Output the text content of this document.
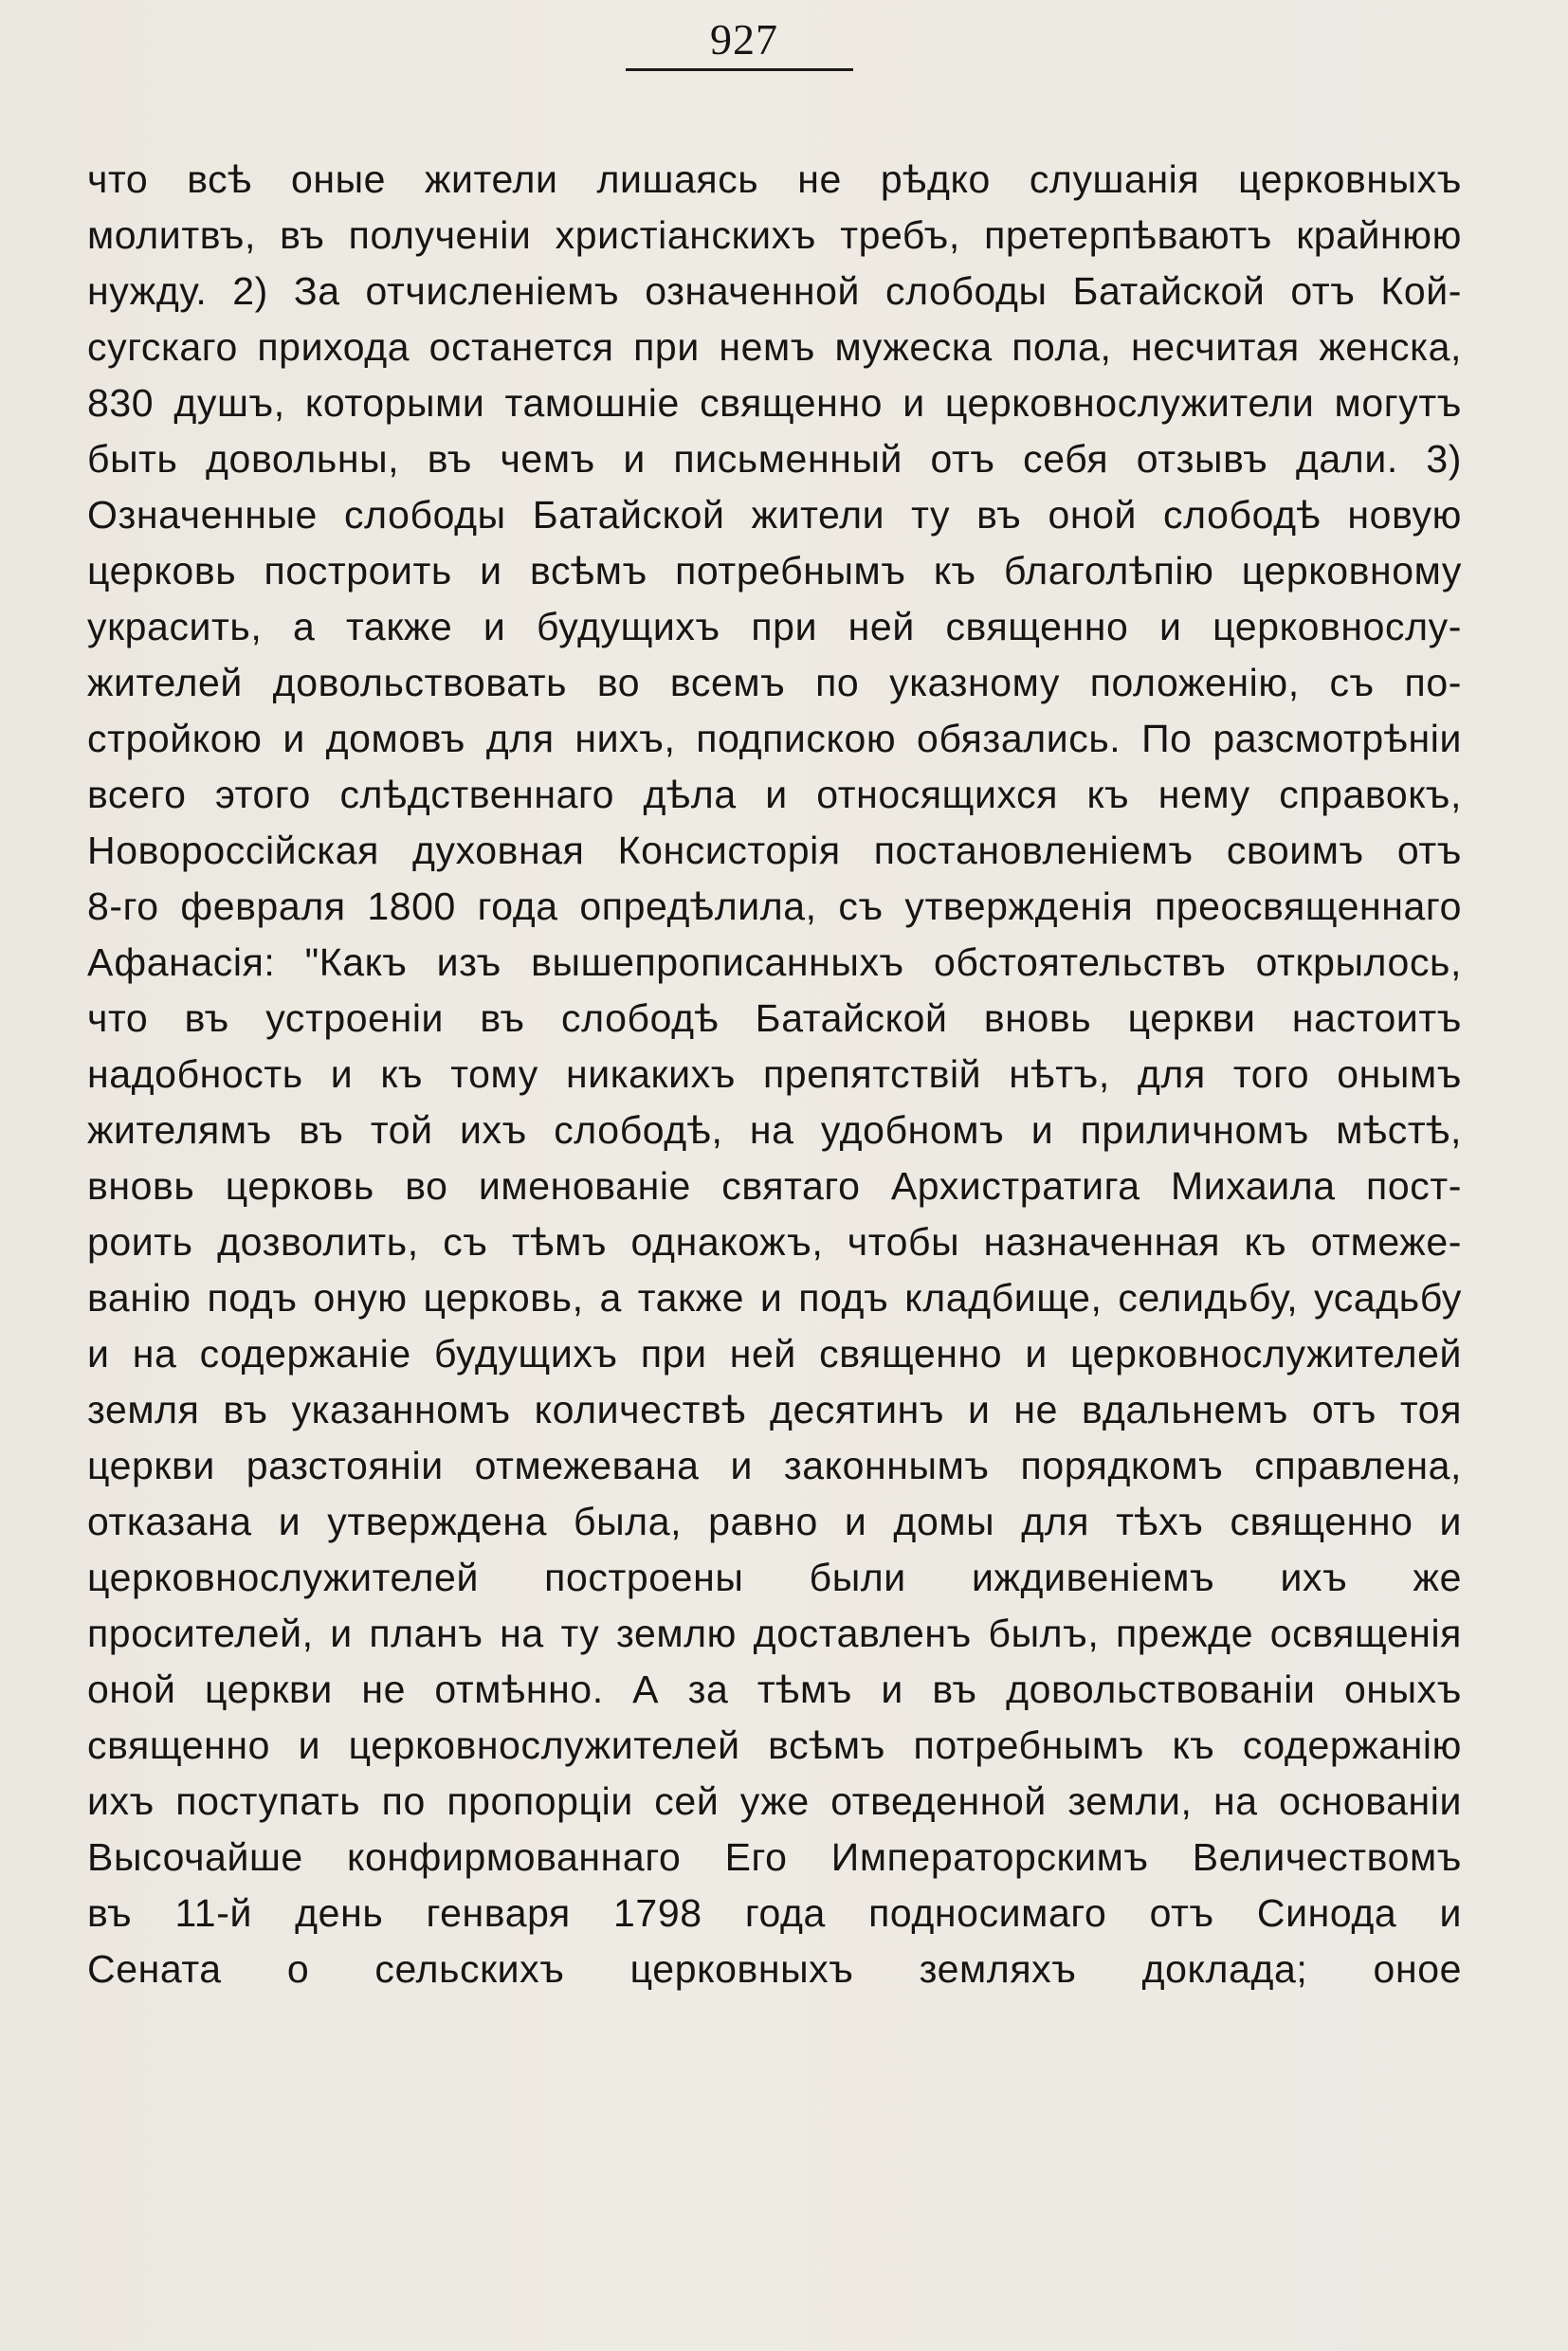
927
что всѣ оные жители лишаясь не рѣдко слушанія церковныхъ
молитвъ, въ полученіи христіанскихъ требъ, претерпѣваютъ крайнюю
нужду. 2) За отчисленіемъ означенной слободы Батайской отъ Кой-
сугскаго прихода останется при немъ мужеска пола, несчитая женска,
830 душъ, которыми тамошніе священно и церковнослужители могутъ
быть довольны, въ чемъ и письменный отъ себя отзывъ дали. 3)
Означенные слободы Батайской жители ту въ оной слободѣ новую
церковь построить и всѣмъ потребнымъ къ благолѣпію церковному
украсить, а также и будущихъ при ней священно и церковнослу-
жителей довольствовать во всемъ по указному положенію, съ по-
стройкою и домовъ для нихъ, подпискою обязались. По разсмотрѣніи
всего этого слѣдственнаго дѣла и относящихся къ нему справокъ,
Новороссійская духовная Консисторія постановленіемъ своимъ отъ
8-го февраля 1800 года опредѣлила, съ утвержденія преосвященнаго
Афанасія: "Какъ изъ вышепрописанныхъ обстоятельствъ открылось,
что въ устроеніи въ слободѣ Батайской вновь церкви настоитъ
надобность и къ тому никакихъ препятствій нѣтъ, для того онымъ
жителямъ въ той ихъ слободѣ, на удобномъ и приличномъ мѣстѣ,
вновь церковь во именованіе святаго Архистратига Михаила пост-
роить дозволить, съ тѣмъ однакожъ, чтобы назначенная къ отмеже-
ванію подъ оную церковь, а также и подъ кладбище, селидьбу, усадьбу
и на содержаніе будущихъ при ней священно и церковнослужителей
земля въ указанномъ количествѣ десятинъ и не вдальнемъ отъ тоя
церкви разстояніи отмежевана и законнымъ порядкомъ справлена,
отказана и утверждена была, равно и домы для тѣхъ священно и
церковнослужителей построены были иждивеніемъ ихъ же
просителей, и планъ на ту землю доставленъ былъ, прежде освященія
оной церкви не отмѣнно. А за тѣмъ и въ довольствованіи оныхъ
священно и церковнослужителей всѣмъ потребнымъ къ содержанію
ихъ поступать по пропорціи сей уже отведенной земли, на основаніи
Высочайше конфирмованнаго Его Императорскимъ Величествомъ
въ 11-й день генваря 1798 года подносимаго отъ Синода и
Сената о сельскихъ церковныхъ земляхъ доклада; оное
